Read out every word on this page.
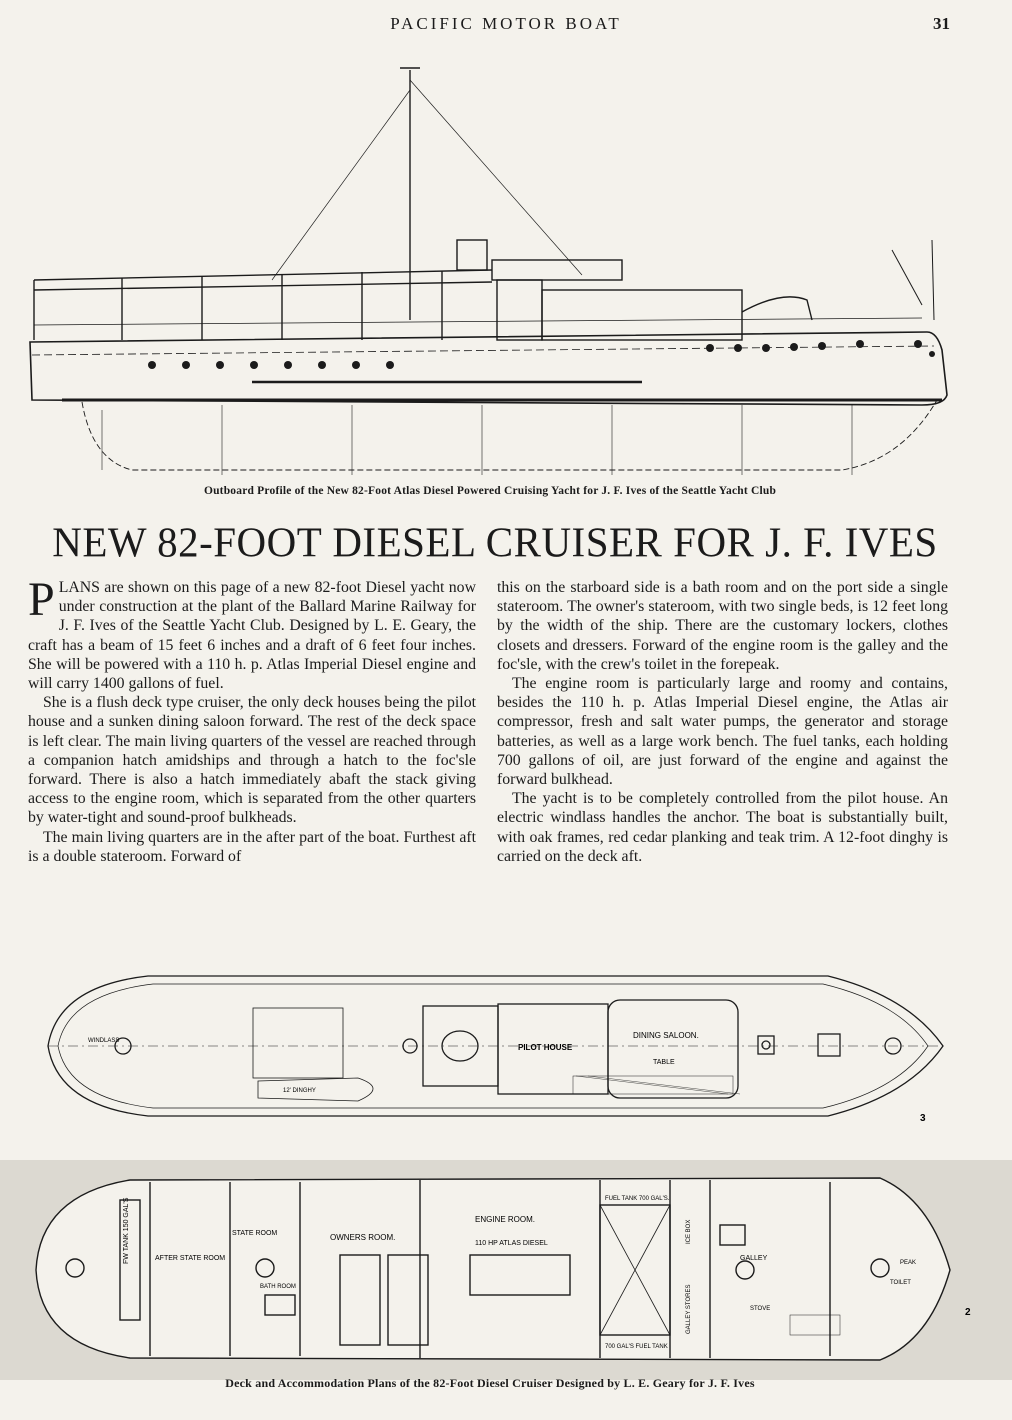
PACIFIC MOTOR BOAT	31
Outboard Profile of the New 82-Foot Atlas Diesel Powered Cruising Yacht for J. F. Ives of the Seattle Yacht Club
NEW 82-FOOT DIESEL CRUISER FOR J. F. IVES

PLANS are shown on this page of a new 82-foot Diesel yacht now under construction at the plant of the Ballard Marine Railway for J. F. Ives of the Seattle Yacht Club. Designed by L. E. Geary, the craft has a beam of 15 feet 6 inches and a draft of 6 feet four inches. She will be powered with a 110 h. p. Atlas Imperial Diesel engine and will carry 1400 gallons of fuel.

She is a flush deck type cruiser, the only deck houses being the pilot house and a sunken dining saloon forward. The rest of the deck space is left clear. The main living quarters of the vessel are reached through a companion hatch amidships and through a hatch to the foc'sle forward. There is also a hatch immediately abaft the stack giving access to the engine room, which is separated from the other quarters by water-tight and sound-proof bulkheads.

The main living quarters are in the after part of the boat. Furthest aft is a double stateroom. Forward of

this on the starboard side is a bath room and on the port side a single stateroom. The owner's stateroom, with two single beds, is 12 feet long by the width of the ship. There are the customary lockers, clothes closets and dressers. Forward of the engine room is the galley and the foc'sle, with the crew's toilet in the forepeak.

The engine room is particularly large and roomy and contains, besides the 110 h. p. Atlas Imperial Diesel engine, the Atlas air compressor, fresh and salt water pumps, the generator and storage batteries, as well as a large work bench. The fuel tanks, each holding 700 gallons of oil, are just forward of the engine and against the forward bulkhead.

The yacht is to be completely controlled from the pilot house. An electric windlass handles the anchor. The boat is substantially built, with oak frames, red cedar planking and teak trim. A 12-foot dinghy is carried on the deck aft.

WINDLASS
PILOT HOUSE
DINING SALOON.
TABLE
12' DINGHY
3
FW TANK 150 GAL'S	AFTER STATE ROOM
STATE ROOM
BATH ROOM
OWNERS ROOM.
ENGINE ROOM.
110 HP ATLAS DIESEL
FUEL TANK 700 GAL'S.
700 GAL'S FUEL TANK
ICE BOX
GALLEY STORES
GALLEY
STOVE
TOILET
PEAK
2
Deck and Accommodation Plans of the 82-Foot Diesel Cruiser Designed by L. E. Geary for J. F. Ives
